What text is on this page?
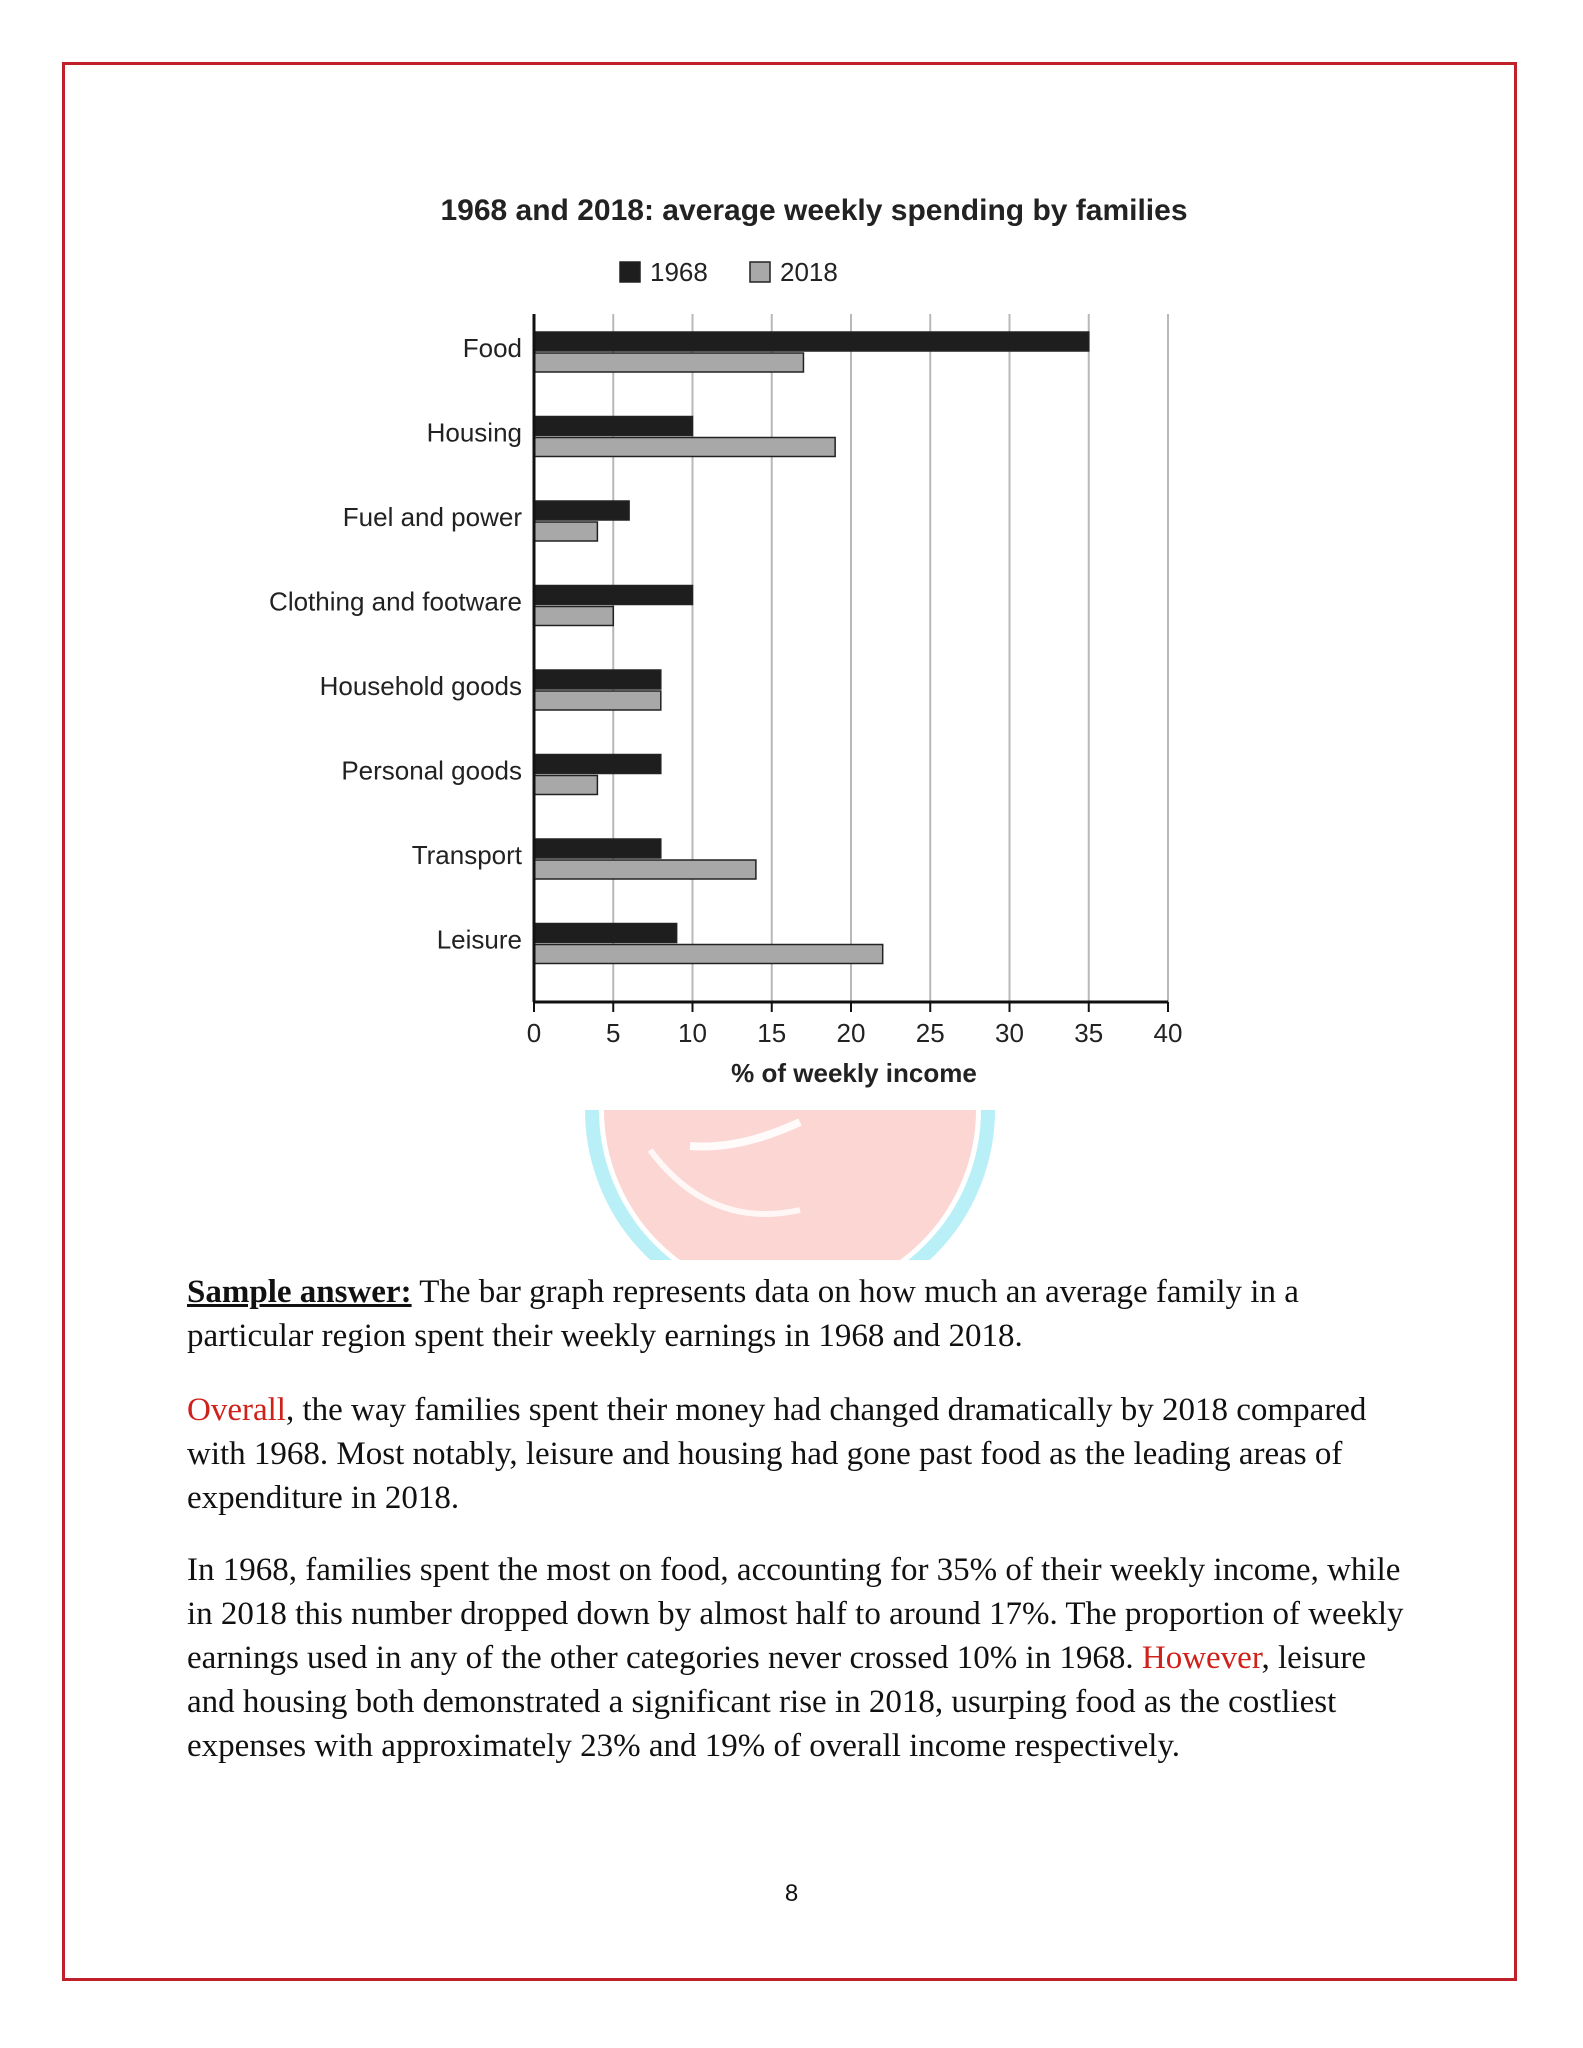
1968 and 2018: average weekly spending by families
1968	2018
Food
Housing
Fuel and power
Clothing and footware
Household goods
Personal goods
Transport
Leisure
0 5 10 15 20 25 30 35 40
% of weekly income
Sample answer: The bar graph represents data on how much an average family in a particular region spent their weekly earnings in 1968 and 2018.
Overall, the way families spent their money had changed dramatically by 2018 compared with 1968. Most notably, leisure and housing had gone past food as the leading areas of expenditure in 2018.
In 1968, families spent the most on food, accounting for 35% of their weekly income, while in 2018 this number dropped down by almost half to around 17%. The proportion of weekly earnings used in any of the other categories never crossed 10% in 1968. However, leisure and housing both demonstrated a significant rise in 2018, usurping food as the costliest expenses with approximately 23% and 19% of overall income respectively.
8
